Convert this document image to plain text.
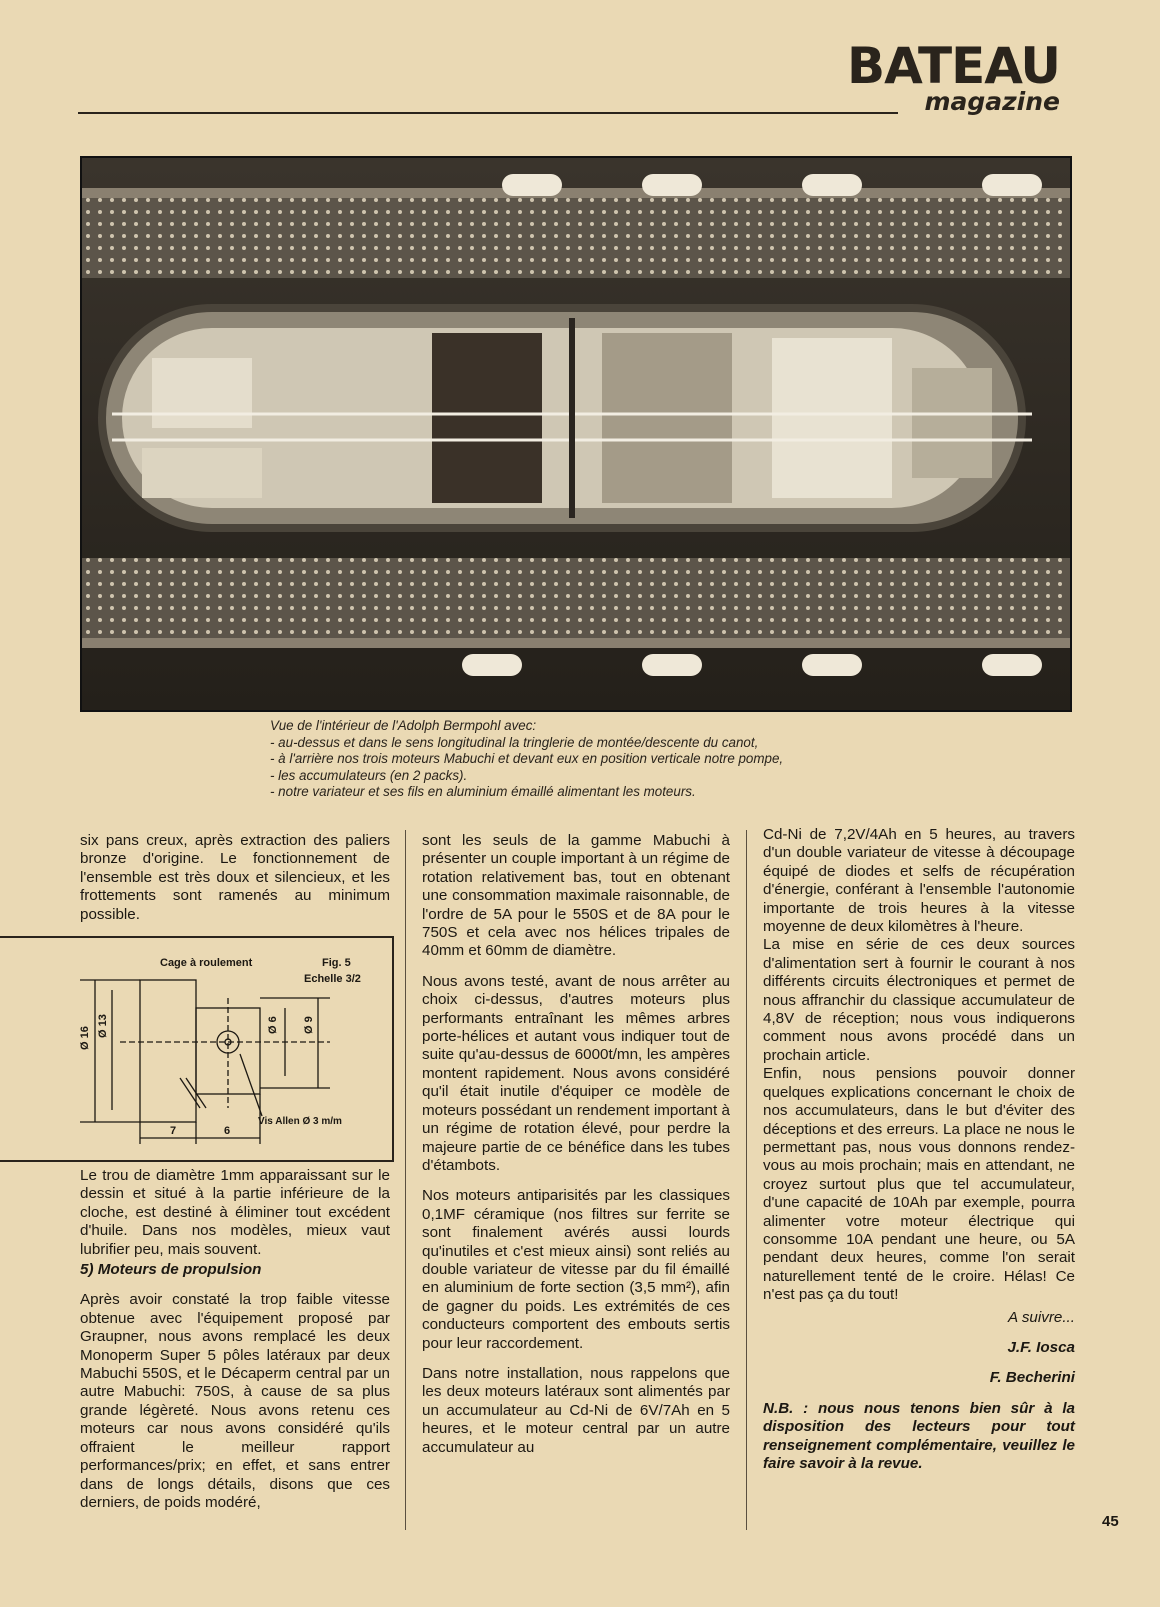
BATEAU
magazine
Vue de l'intérieur de l'Adolph Bermpohl avec:
- au-dessus et dans le sens longitudinal la tringlerie de montée/descente du canot,
- à l'arrière nos trois moteurs Mabuchi et devant eux en position verticale notre pompe,
- les accumulateurs (en 2 packs).
- notre variateur et ses fils en aluminium émaillé alimentant les moteurs.

six pans creux, après extraction des paliers bronze d'origine. Le fonctionnement de l'ensemble est très doux et silencieux, et les frottements sont ramenés au minimum possible.

Cage à roulement	Fig. 5
Echelle 3/2
Vis Allen Ø 3 m/m
7	6
Ø 16
Ø 13	Ø 6 Ø 9

Le trou de diamètre 1mm apparaissant sur le dessin et situé à la partie inférieure de la cloche, est destiné à éliminer tout excédent d'huile. Dans nos modèles, mieux vaut lubrifier peu, mais souvent.

5) Moteurs de propulsion

Après avoir constaté la trop faible vitesse obtenue avec l'équipement proposé par Graupner, nous avons remplacé les deux Monoperm Super 5 pôles latéraux par deux Mabuchi 550S, et le Décaperm central par un autre Mabuchi: 750S, à cause de sa plus grande légèreté. Nous avons retenu ces moteurs car nous avons considéré qu'ils offraient le meilleur rapport performances/prix; en effet, et sans entrer dans de longs détails, disons que ces derniers, de poids modéré,

sont les seuls de la gamme Mabuchi à présenter un couple important à un régime de rotation relativement bas, tout en obtenant une consommation maximale raisonnable, de l'ordre de 5A pour le 550S et de 8A pour le 750S et cela avec nos hélices tripales de 40mm et 60mm de diamètre.

Nous avons testé, avant de nous arrêter au choix ci-dessus, d'autres moteurs plus performants entraînant les mêmes arbres porte-hélices et autant vous indiquer tout de suite qu'au-dessus de 6000t/mn, les ampères montent rapidement. Nous avons considéré qu'il était inutile d'équiper ce modèle de moteurs possédant un rendement important à un régime de rotation élevé, pour perdre la majeure partie de ce bénéfice dans les tubes d'étambots.

Nos moteurs antiparisités par les classiques 0,1MF céramique (nos filtres sur ferrite se sont finalement avérés aussi lourds qu'inutiles et c'est mieux ainsi) sont reliés au double variateur de vitesse par du fil émaillé en aluminium de forte section (3,5 mm²), afin de gagner du poids. Les extrémités de ces conducteurs comportent des embouts sertis pour leur raccordement.

Dans notre installation, nous rappelons que les deux moteurs latéraux sont alimentés par un accumulateur au Cd-Ni de 6V/7Ah en 5 heures, et le moteur central par un autre accumulateur au

Cd-Ni de 7,2V/4Ah en 5 heures, au travers d'un double variateur de vitesse à découpage équipé de diodes et selfs de récupération d'énergie, conférant à l'ensemble l'autonomie importante de trois heures à la vitesse moyenne de deux kilomètres à l'heure.

La mise en série de ces deux sources d'alimentation sert à fournir le courant à nos différents circuits électroniques et permet de nous affranchir du classique accumulateur de 4,8V de réception; nous vous indiquerons comment nous avons procédé dans un prochain article.

Enfin, nous pensions pouvoir donner quelques explications concernant le choix de nos accumulateurs, dans le but d'éviter des déceptions et des erreurs. La place ne nous le permettant pas, nous vous donnons rendez-vous au mois prochain; mais en attendant, ne croyez surtout plus que tel accumulateur, d'une capacité de 10Ah par exemple, pourra alimenter votre moteur électrique qui consomme 10A pendant une heure, ou 5A pendant deux heures, comme l'on serait naturellement tenté de le croire. Hélas! Ce n'est pas ça du tout!

A suivre...

J.F. Iosca

F. Becherini

N.B. : nous nous tenons bien sûr à la disposition des lecteurs pour tout renseignement complémentaire, veuillez le faire savoir à la revue.
45
